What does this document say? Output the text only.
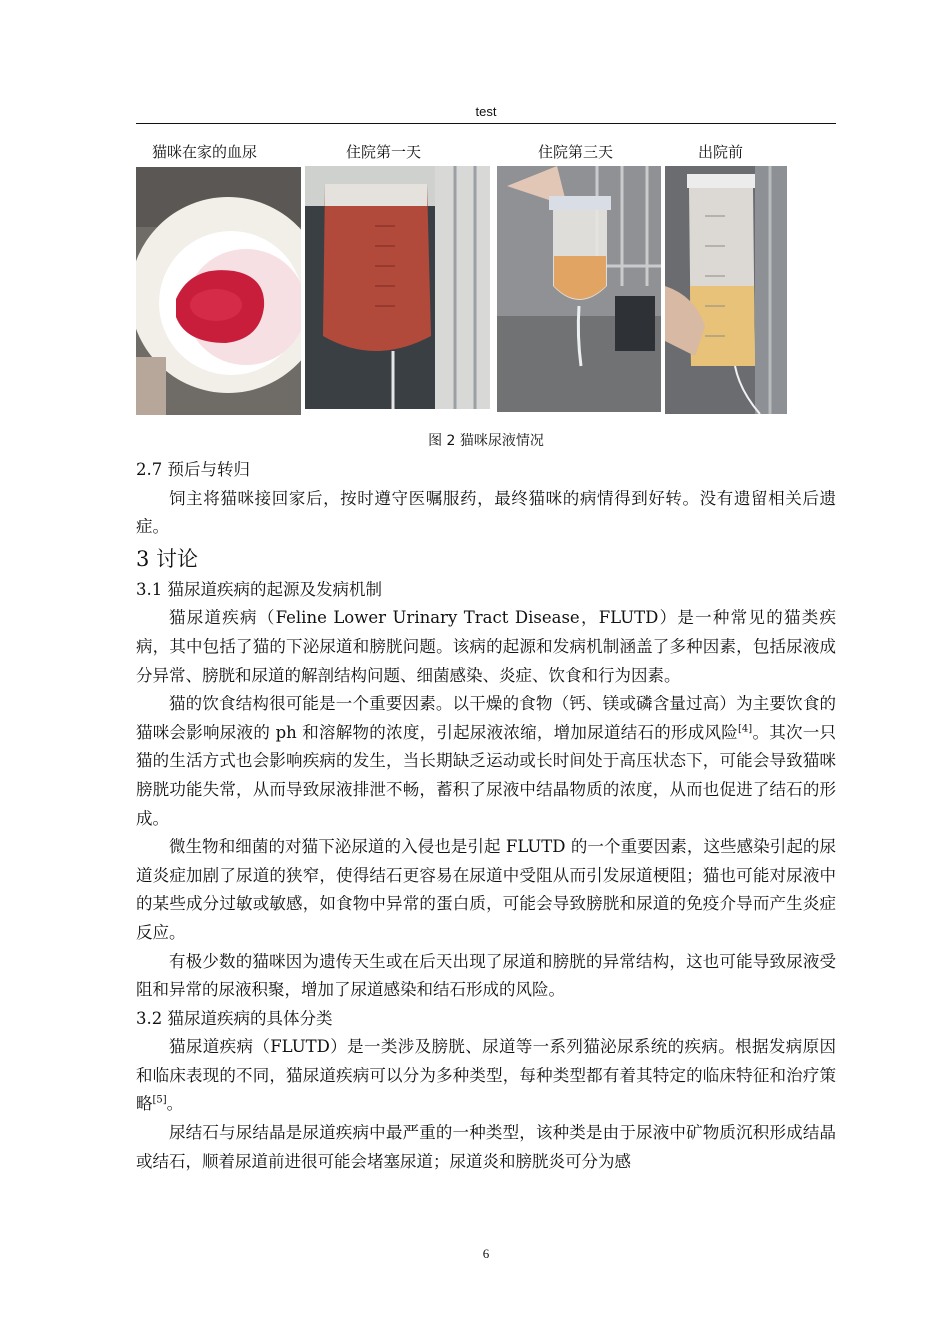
test
猫咪在家的血尿	住院第一天	住院第三天	出院前
图 2 猫咪尿液情况

2.7 预后与转归

饲主将猫咪接回家后，按时遵守医嘱服药，最终猫咪的病情得到好转。没有遗留相关后遗症。

3 讨论

3.1 猫尿道疾病的起源及发病机制

猫尿道疾病（Feline Lower Urinary Tract Disease，FLUTD）是一种常见的猫类疾病，其中包括了猫的下泌尿道和膀胱问题。该病的起源和发病机制涵盖了多种因素，包括尿液成分异常、膀胱和尿道的解剖结构问题、细菌感染、炎症、饮食和行为因素。

猫的饮食结构很可能是一个重要因素。以干燥的食物（钙、镁或磷含量过高）为主要饮食的猫咪会影响尿液的 ph 和溶解物的浓度，引起尿液浓缩，增加尿道结石的形成风险[4]。其次一只猫的生活方式也会影响疾病的发生，当长期缺乏运动或长时间处于高压状态下，可能会导致猫咪膀胱功能失常，从而导致尿液排泄不畅，蓄积了尿液中结晶物质的浓度，从而也促进了结石的形成。

微生物和细菌的对猫下泌尿道的入侵也是引起 FLUTD 的一个重要因素，这些感染引起的尿道炎症加剧了尿道的狭窄，使得结石更容易在尿道中受阻从而引发尿道梗阻；猫也可能对尿液中的某些成分过敏或敏感，如食物中异常的蛋白质，可能会导致膀胱和尿道的免疫介导而产生炎症反应。

有极少数的猫咪因为遗传天生或在后天出现了尿道和膀胱的异常结构，这也可能导致尿液受阻和异常的尿液积聚，增加了尿道感染和结石形成的风险。

3.2 猫尿道疾病的具体分类

猫尿道疾病（FLUTD）是一类涉及膀胱、尿道等一系列猫泌尿系统的疾病。根据发病原因和临床表现的不同，猫尿道疾病可以分为多种类型，每种类型都有着其特定的临床特征和治疗策略[5]。

尿结石与尿结晶是尿道疾病中最严重的一种类型，该种类是由于尿液中矿物质沉积形成结晶或结石，顺着尿道前进很可能会堵塞尿道；尿道炎和膀胱炎可分为感

6
